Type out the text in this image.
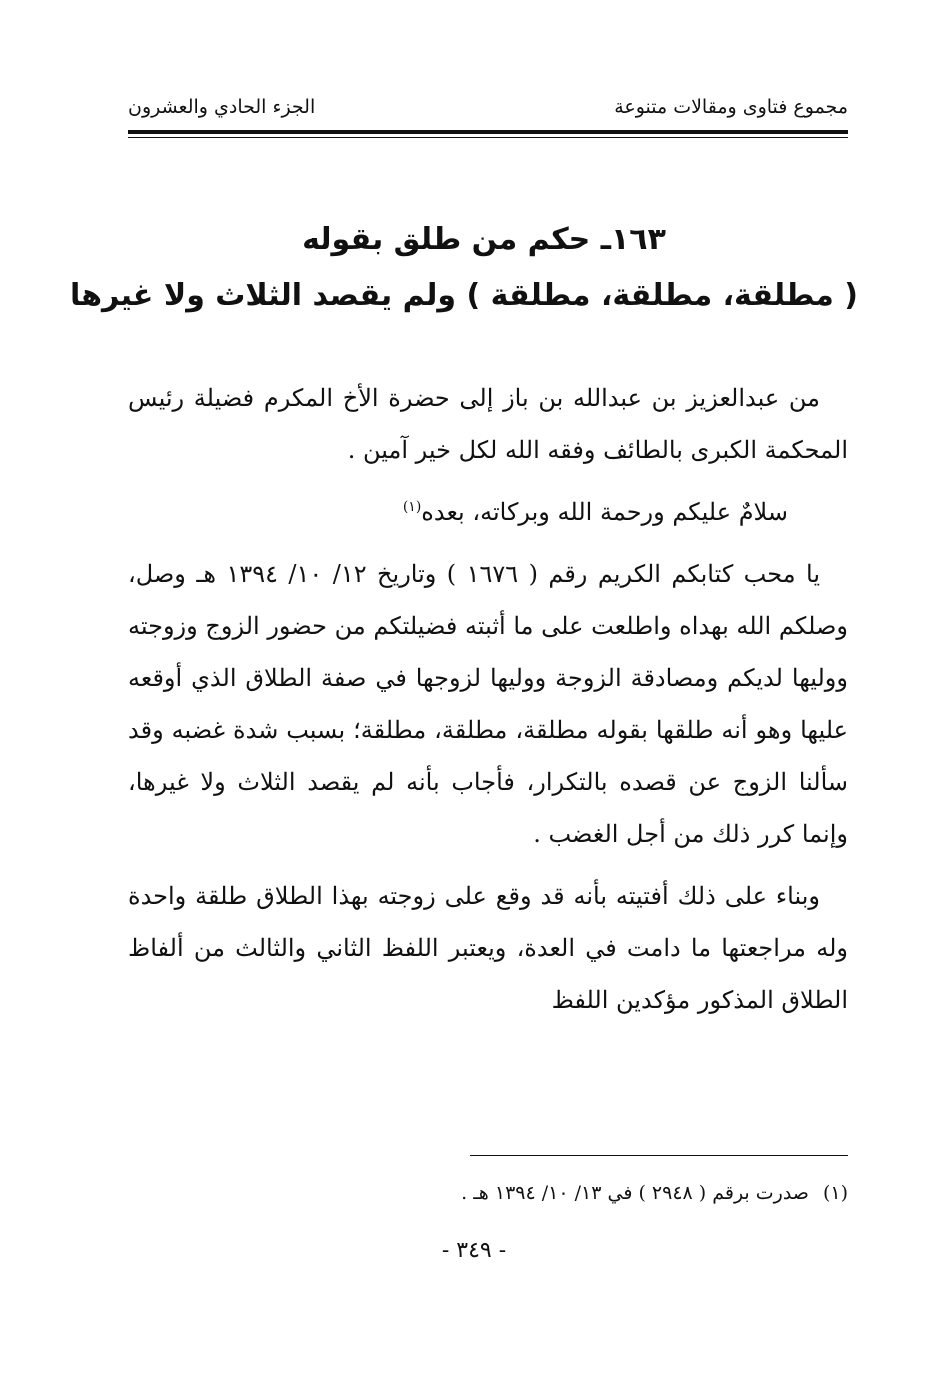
مجموع فتاوى ومقالات متنوعة
الجزء الحادي والعشرون
١٦٣ـ حكم من طلق بقوله
( مطلقة، مطلقة، مطلقة ) ولم يقصد الثلاث ولا غيرها

من عبدالعزيز بن عبدالله بن باز إلى حضرة الأخ المكرم فضيلة رئيس المحكمة الكبرى بالطائف وفقه الله لكل خير آمين .

سلامٌ عليكم ورحمة الله وبركاته، بعده$^{(١)}$

يا محب كتابكم الكريم رقم ( ١٦٧٦ ) وتاريخ ١٢/ ١٠/ ١٣٩٤ هـ وصل، وصلكم الله بهداه واطلعت على ما أثبته فضيلتكم من حضور الزوج وزوجته ووليها لديكم ومصادقة الزوجة ووليها لزوجها في صفة الطلاق الذي أوقعه عليها وهو أنه طلقها بقوله مطلقة، مطلقة، مطلقة؛ بسبب شدة غضبه وقد سألنا الزوج عن قصده بالتكرار، فأجاب بأنه لم يقصد الثلاث ولا غيرها، وإنما كرر ذلك من أجل الغضب .

وبناء على ذلك أفتيته بأنه قد وقع على زوجته بهذا الطلاق طلقة واحدة وله مراجعتها ما دامت في العدة، ويعتبر اللفظ الثاني والثالث من ألفاظ الطلاق المذكور مؤكدين اللفظ

(١)صدرت برقم ( ٢٩٤٨ ) في ١٣/ ١٠/ ١٣٩٤ هـ .
- ٣٤٩ -
